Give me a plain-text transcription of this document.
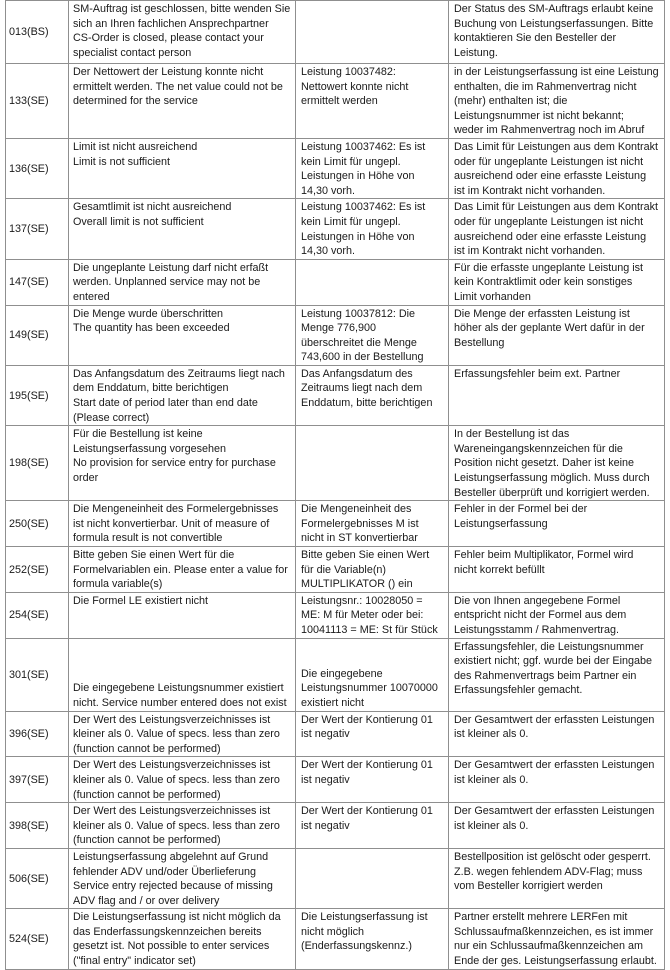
013(BS)	SM-Auftrag ist geschlossen, bitte wenden Sie
sich an Ihren fachlichen Ansprechpartner
CS-Order is closed, please contact your
specialist contact person		Der Status des SM-Auftrags erlaubt keine
Buchung von Leistungserfassungen. Bitte
kontaktieren Sie den Besteller der
Leistung.

133(SE)	Der Nettowert der Leistung konnte nicht
ermittelt werden. The net value could not be
determined for the service	Leistung 10037482:
Nettowert konnte nicht
ermittelt werden	in der Leistungserfassung ist eine Leistung
enthalten, die im Rahmenvertrag nicht
(mehr) enthalten ist; die
Leistungsnummer ist nicht bekannt;
weder im Rahmenvertrag noch im Abruf

136(SE)	Limit ist nicht ausreichend
Limit is not sufficient	Leistung 10037462: Es ist
kein Limit für ungepl.
Leistungen in Höhe von
14,30 vorh.	Das Limit für Leistungen aus dem Kontrakt
oder für ungeplante Leistungen ist nicht
ausreichend oder eine erfasste Leistung
ist im Kontrakt nicht vorhanden.

137(SE)	Gesamtlimit ist nicht ausreichend
Overall limit is not sufficient	Leistung 10037462: Es ist
kein Limit für ungepl.
Leistungen in Höhe von
14,30 vorh.	Das Limit für Leistungen aus dem Kontrakt
oder für ungeplante Leistungen ist nicht
ausreichend oder eine erfasste Leistung
ist im Kontrakt nicht vorhanden.

147(SE)	Die ungeplante Leistung darf nicht erfaßt
werden. Unplanned service may not be
entered		Für die erfasste ungeplante Leistung ist
kein Kontraktlimit oder kein sonstiges
Limit vorhanden

149(SE)	Die Menge wurde überschritten
The quantity has been exceeded	Leistung 10037812: Die
Menge 776,900
überschreitet die Menge
743,600 in der Bestellung	Die Menge der erfassten Leistung ist
höher als der geplante Wert dafür in der
Bestellung

195(SE)	Das Anfangsdatum des Zeitraums liegt nach
dem Enddatum, bitte berichtigen
Start date of period later than end date
(Please correct)	Das Anfangsdatum des
Zeitraums liegt nach dem
Enddatum, bitte berichtigen	Erfassungsfehler beim ext. Partner

198(SE)	Für die Bestellung ist keine
Leistungserfassung vorgesehen
No provision for service entry for purchase
order		In der Bestellung ist das
Wareneingangskennzeichen für die
Position nicht gesetzt. Daher ist keine
Leistungserfassung möglich. Muss durch
Besteller überprüft und korrigiert werden.

250(SE)	Die Mengeneinheit des Formelergebnisses
ist nicht konvertierbar. Unit of measure of
formula result is not convertible	Die Mengeneinheit des
Formelergebnisses M ist
nicht in ST konvertierbar	Fehler in der Formel bei der
Leistungserfassung

252(SE)	Bitte geben Sie einen Wert für die
Formelvariablen ein. Please enter a value for
formula variable(s)	Bitte geben Sie einen Wert
für die Variable(n)
MULTIPLIKATOR () ein	Fehler beim Multiplikator, Formel wird
nicht korrekt befüllt

254(SE)	Die Formel LE existiert nicht	Leistungsnr.: 10028050 =
ME: M für Meter oder bei:
10041113 = ME: St für Stück	Die von Ihnen angegebene Formel
entspricht nicht der Formel aus dem
Leistungsstamm / Rahmenvertrag.

301(SE)	Die eingegebene Leistungsnummer existiert
nicht. Service number entered does not exist	Die eingegebene
Leistungsnummer 10070000
existiert nicht	Erfassungsfehler, die Leistungsnummer
existiert nicht; ggf. wurde bei der Eingabe
des Rahmenvertrags beim Partner ein
Erfassungsfehler gemacht.

396(SE)	Der Wert des Leistungsverzeichnisses ist
kleiner als 0. Value of specs. less than zero
(function cannot be performed)	Der Wert der Kontierung 01
ist negativ	Der Gesamtwert der erfassten Leistungen
ist kleiner als 0.

397(SE)	Der Wert des Leistungsverzeichnisses ist
kleiner als 0. Value of specs. less than zero
(function cannot be performed)	Der Wert der Kontierung 01
ist negativ	Der Gesamtwert der erfassten Leistungen
ist kleiner als 0.

398(SE)	Der Wert des Leistungsverzeichnisses ist
kleiner als 0. Value of specs. less than zero
(function cannot be performed)	Der Wert der Kontierung 01
ist negativ	Der Gesamtwert der erfassten Leistungen
ist kleiner als 0.

506(SE)	Leistungserfassung abgelehnt auf Grund
fehlender ADV und/oder Überlieferung
Service entry rejected because of missing
ADV flag and / or over delivery		Bestellposition ist gelöscht oder gesperrt.
Z.B. wegen fehlendem ADV-Flag; muss
vom Besteller korrigiert werden

524(SE)	Die Leistungserfassung ist nicht möglich da
das Enderfassungskennzeichen bereits
gesetzt ist. Not possible to enter services
("final entry" indicator set)	Die Leistungserfassung ist
nicht möglich
(Enderfassungskennz.)	Partner erstellt mehrere LERFen mit
Schlussaufmaßkennzeichen, es ist immer
nur ein Schlussaufmaßkennzeichen am
Ende der ges. Leistungserfassung erlaubt.
